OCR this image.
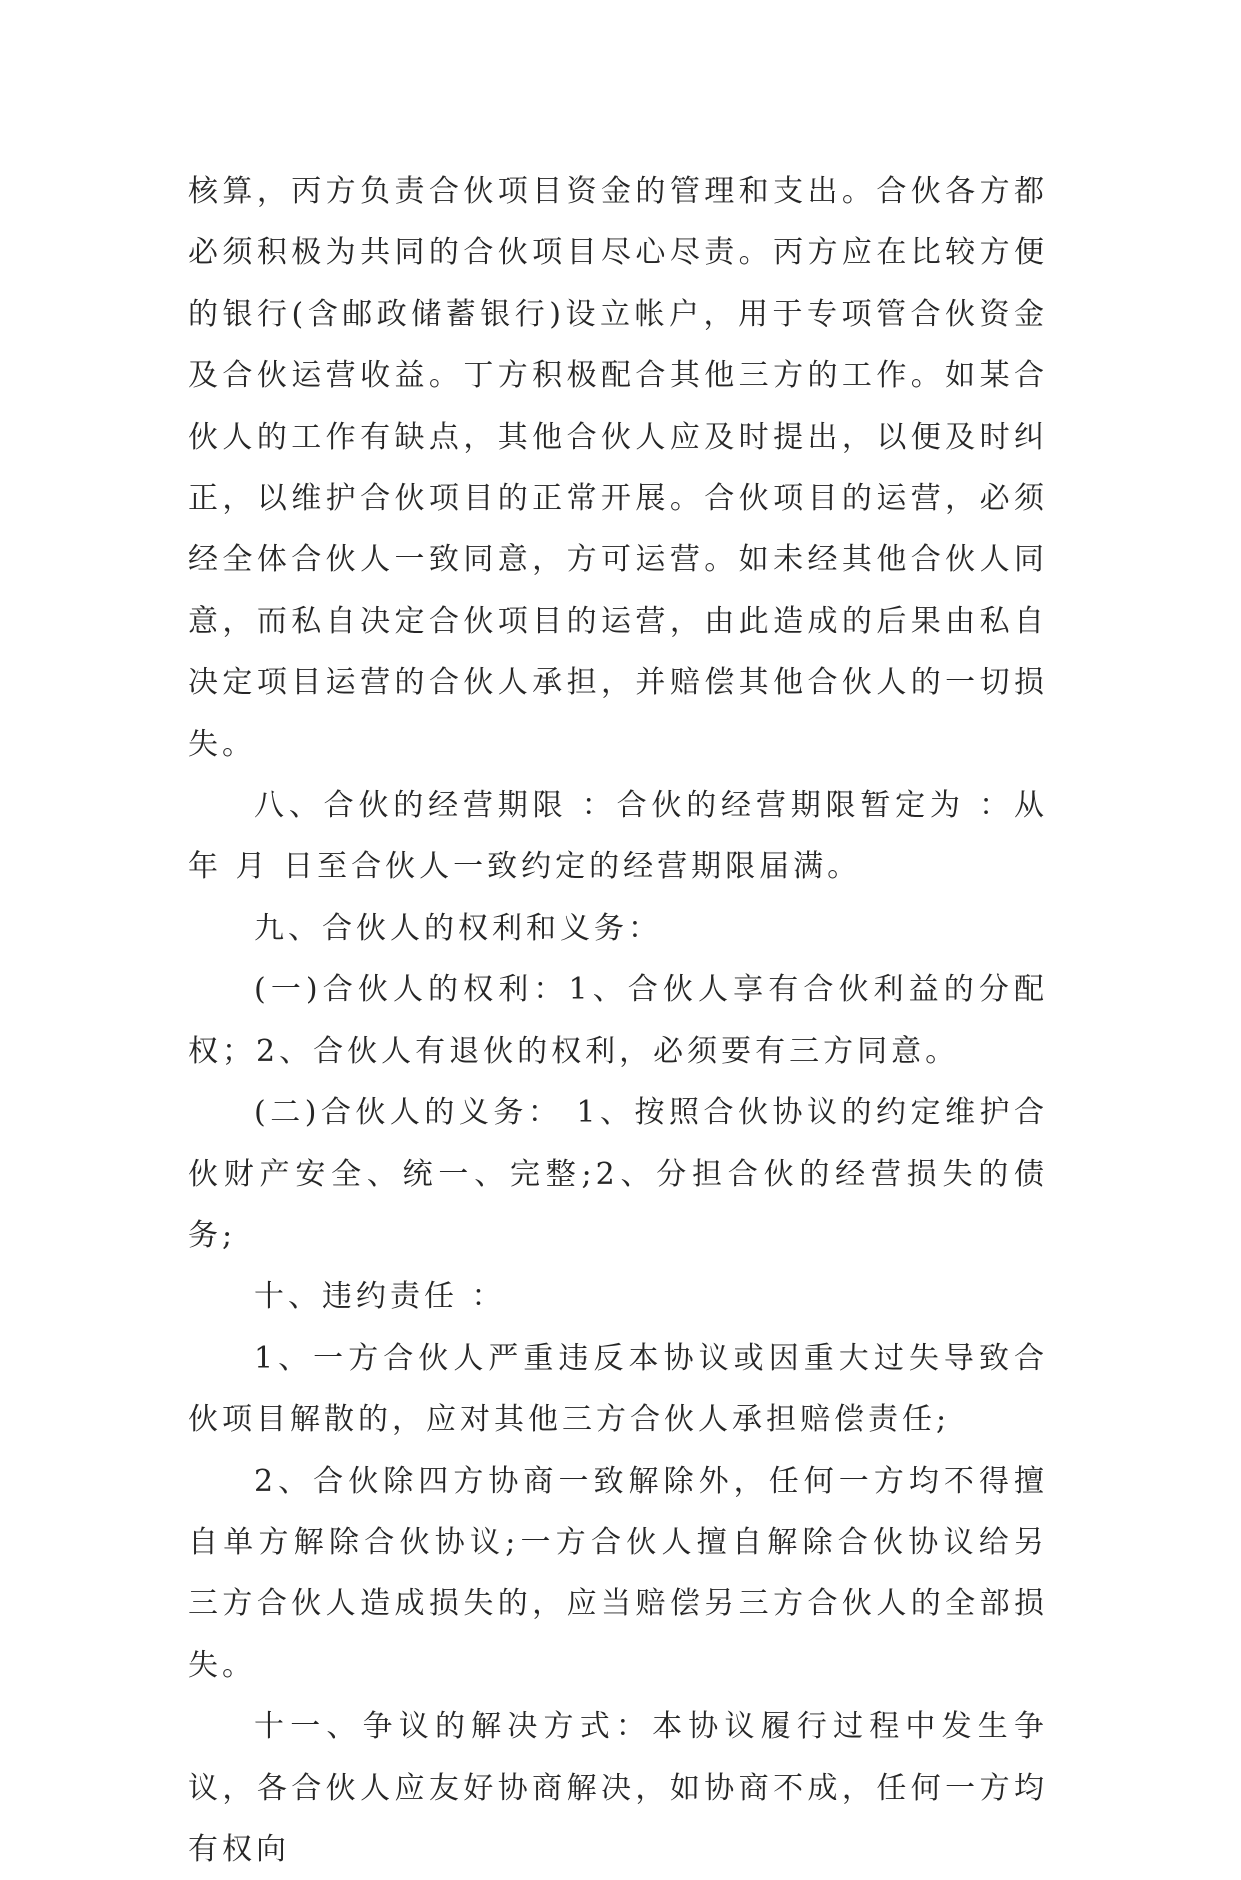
核算，丙方负责合伙项目资金的管理和支出。合伙各方都必须积极为共同的合伙项目尽心尽责。丙方应在比较方便的银行(含邮政储蓄银行)设立帐户，用于专项管合伙资金及合伙运营收益。丁方积极配合其他三方的工作。如某合伙人的工作有缺点，其他合伙人应及时提出，以便及时纠正，以维护合伙项目的正常开展。合伙项目的运营，必须经全体合伙人一致同意，方可运营。如未经其他合伙人同意，而私自决定合伙项目的运营，由此造成的后果由私自决定项目运营的合伙人承担，并赔偿其他合伙人的一切损失。

八、合伙的经营期限 ：合伙的经营期限暂定为 ：从 年 月 日至合伙人一致约定的经营期限届满。

九、合伙人的权利和义务：

(一)合伙人的权利：1、合伙人享有合伙利益的分配权；2、合伙人有退伙的权利，必须要有三方同意。

(二)合伙人的义务： 1、按照合伙协议的约定维护合伙财产安全、统一、完整;2、分担合伙的经营损失的债务;

十、违约责任 ：

1、一方合伙人严重违反本协议或因重大过失导致合伙项目解散的，应对其他三方合伙人承担赔偿责任;

2、合伙除四方协商一致解除外，任何一方均不得擅自单方解除合伙协议;一方合伙人擅自解除合伙协议给另三方合伙人造成损失的，应当赔偿另三方合伙人的全部损失。

十一、争议的解决方式：本协议履行过程中发生争议，各合伙人应友好协商解决，如协商不成，任何一方均有权向
